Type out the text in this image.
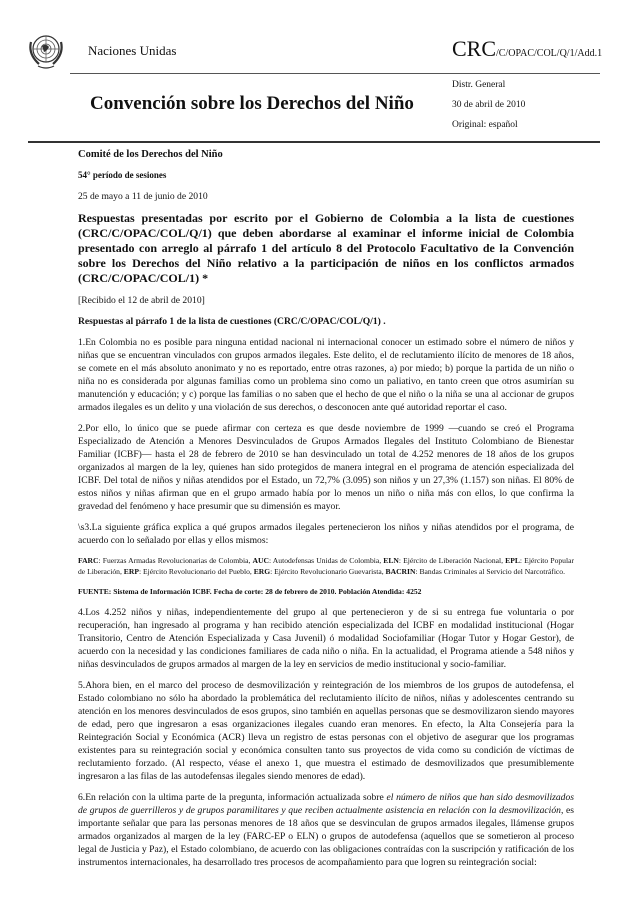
Naciones Unidas	CRC/C/OPAC/COL/Q/1/Add.1
Convención sobre los Derechos del Niño
Distr. General
30 de abril de 2010
Original: español

Comité de los Derechos del Niño

54° período de sesiones

25 de mayo a 11 de junio de 2010

Respuestas presentadas por escrito por el Gobierno de Colombia a la lista de cuestiones (CRC/C/OPAC/COL/Q/1) que deben abordarse al examinar el informe inicial de Colombia presentado con arreglo al párrafo 1 del artículo 8 del Protocolo Facultativo de la Convención sobre los Derechos del Niño relativo a la participación de niños en los conflictos armados (CRC/C/OPAC/COL/1) *

[Recibido el 12 de abril de 2010]

Respuestas al párrafo 1 de la lista de cuestiones (CRC/C/OPAC/COL/Q/1) .

1.En Colombia no es posible para ninguna entidad nacional ni internacional conocer un estimado sobre el número de niños y niñas que se encuentran vinculados con grupos armados ilegales. Este delito, el de reclutamiento ilícito de menores de 18 años, se comete en el más absoluto anonimato y no es reportado, entre otras razones, a) por miedo; b) porque la partida de un niño o niña no es considerada por algunas familias como un problema sino como un paliativo, en tanto creen que otros asumirían su manutención y educación; y c) porque las familias o no saben que el hecho de que el niño o la niña se una al accionar de grupos armados ilegales es un delito y una violación de sus derechos, o desconocen ante qué autoridad reportar el caso.

2.Por ello, lo único que se puede afirmar con certeza es que desde noviembre de 1999 —cuando se creó el Programa Especializado de Atención a Menores Desvinculados de Grupos Armados Ilegales del Instituto Colombiano de Bienestar Familiar (ICBF)— hasta el 28 de febrero de 2010 se han desvinculado un total de 4.252 menores de 18 años de los grupos organizados al margen de la ley, quienes han sido protegidos de manera integral en el programa de atención especializada del ICBF. Del total de niños y niñas atendidos por el Estado, un 72,7% (3.095) son niños y un 27,3% (1.157) son niñas. El 80% de estos niños y niñas afirman que en el grupo armado había por lo menos un niño o niña más con ellos, lo que confirma la gravedad del fenómeno y hace presumir que su dimensión es mayor.

\s3.La siguiente gráfica explica a qué grupos armados ilegales pertenecieron los niños y niñas atendidos por el programa, de acuerdo con lo señalado por ellas y ellos mismos:

FARC: Fuerzas Armadas Revolucionarias de Colombia, AUC: Autodefensas Unidas de Colombia, ELN: Ejército de Liberación Nacional, EPL: Ejército Popular de Liberación, ERP: Ejército Revolucionario del Pueblo, ERG: Ejército Revolucionario Guevarista, BACRIN: Bandas Criminales al Servicio del Narcotráfico.

FUENTE: Sistema de Información ICBF. Fecha de corte: 28 de febrero de 2010. Población Atendida: 4252

4.Los 4.252 niños y niñas, independientemente del grupo al que pertenecieron y de si su entrega fue voluntaria o por recuperación, han ingresado al programa y han recibido atención especializada del ICBF en modalidad institucional (Hogar Transitorio, Centro de Atención Especializada y Casa Juvenil) ó modalidad Sociofamiliar (Hogar Tutor y Hogar Gestor), de acuerdo con la necesidad y las condiciones familiares de cada niño o niña. En la actualidad, el Programa atiende a 548 niños y niñas desvinculados de grupos armados al margen de la ley en servicios de medio institucional y socio-familiar.

5.Ahora bien, en el marco del proceso de desmovilización y reintegración de los miembros de los grupos de autodefensa, el Estado colombiano no sólo ha abordado la problemática del reclutamiento ilícito de niños, niñas y adolescentes centrando su atención en los menores desvinculados de esos grupos, sino también en aquellas personas que se desmovilizaron siendo mayores de edad, pero que ingresaron a esas organizaciones ilegales cuando eran menores. En efecto, la Alta Consejería para la Reintegración Social y Económica (ACR) lleva un registro de estas personas con el objetivo de asegurar que los programas existentes para su reintegración social y económica consulten tanto sus proyectos de vida como su condición de víctimas de reclutamiento forzado. (Al respecto, véase el anexo 1, que muestra el estimado de desmovilizados que presumiblemente ingresaron a las filas de las autodefensas ilegales siendo menores de edad).

6.En relación con la ultima parte de la pregunta, información actualizada sobre el número de niños que han sido desmovilizados de grupos de guerrilleros y de grupos paramilitares y que reciben actualmente asistencia en relación con la desmovilización, es importante señalar que para las personas menores de 18 años que se desvinculan de grupos armados ilegales, llámense grupos armados organizados al margen de la ley (FARC-EP o ELN) o grupos de autodefensa (aquellos que se sometieron al proceso legal de Justicia y Paz), el Estado colombiano, de acuerdo con las obligaciones contraídas con la suscripción y ratificación de los instrumentos internacionales, ha desarrollado tres procesos de acompañamiento para que logren su reintegración social:
